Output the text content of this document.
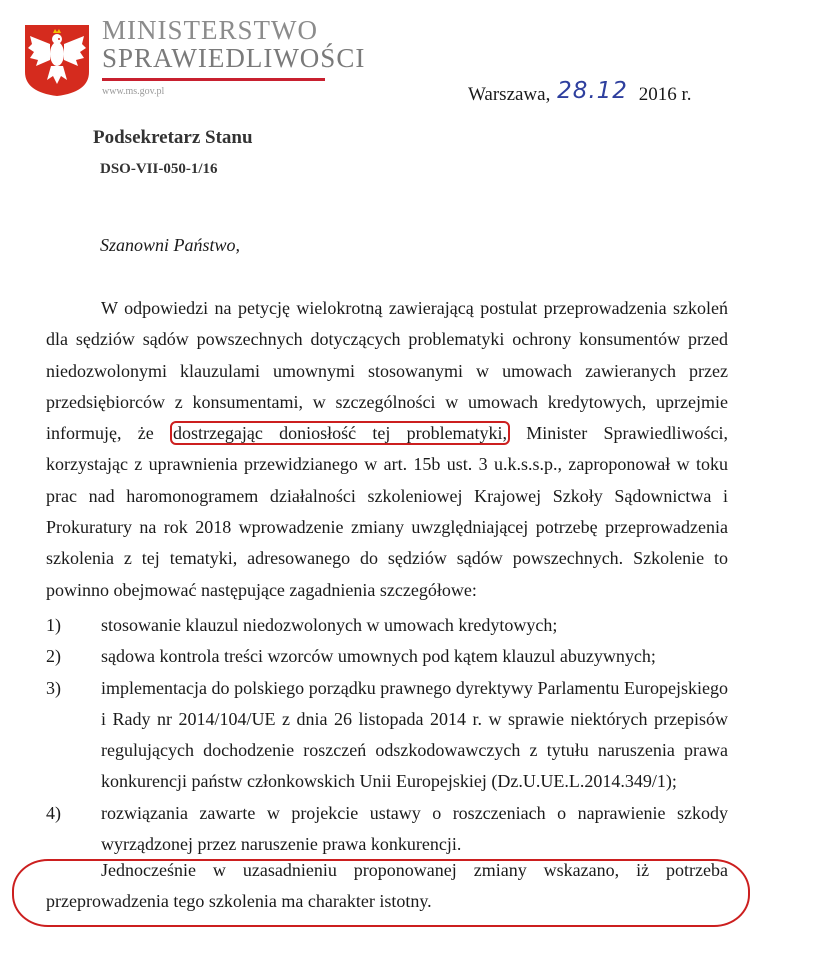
MINISTERSTWO
SPRAWIEDLIWOŚCI
www.ms.gov.pl	Warszawa, 28.12 2016 r.
Podsekretarz Stanu
DSO-VII-050-1/16
Szanowni Państwo,
W odpowiedzi na petycję wielokrotną zawierającą postulat przeprowadzenia szkoleń dla sędziów sądów powszechnych dotyczących problematyki ochrony konsumentów przed niedozwolonymi klauzulami umownymi stosowanymi w umowach zawieranych przez przedsiębiorców z konsumentami, w szczególności w umowach kredytowych, uprzejmie informuję, że dostrzegając doniosłość tej problematyki, Minister Sprawiedliwości, korzystając z uprawnienia przewidzianego w art. 15b ust. 3 u.k.s.s.p., zaproponował w toku prac nad haromonogramem działalności szkoleniowej Krajowej Szkoły Sądownictwa i Prokuratury na rok 2018 wprowadzenie zmiany uwzględniającej potrzebę przeprowadzenia szkolenia z tej tematyki, adresowanego do sędziów sądów powszechnych. Szkolenie to powinno obejmować następujące zagadnienia szczegółowe:
1)	stosowanie klauzul niedozwolonych w umowach kredytowych;
2)	sądowa kontrola treści wzorców umownych pod kątem klauzul abuzywnych;
3)	implementacja do polskiego porządku prawnego dyrektywy Parlamentu Europejskiego i Rady nr 2014/104/UE z dnia 26 listopada 2014 r. w sprawie niektórych przepisów regulujących dochodzenie roszczeń odszkodowawczych z tytułu naruszenia prawa konkurencji państw członkowskich Unii Europejskiej (Dz.U.UE.L.2014.349/1);
4)	rozwiązania zawarte w projekcie ustawy o roszczeniach o naprawienie szkody wyrządzonej przez naruszenie prawa konkurencji.
Jednocześnie w uzasadnieniu proponowanej zmiany wskazano, iż potrzeba przeprowadzenia tego szkolenia ma charakter istotny.
